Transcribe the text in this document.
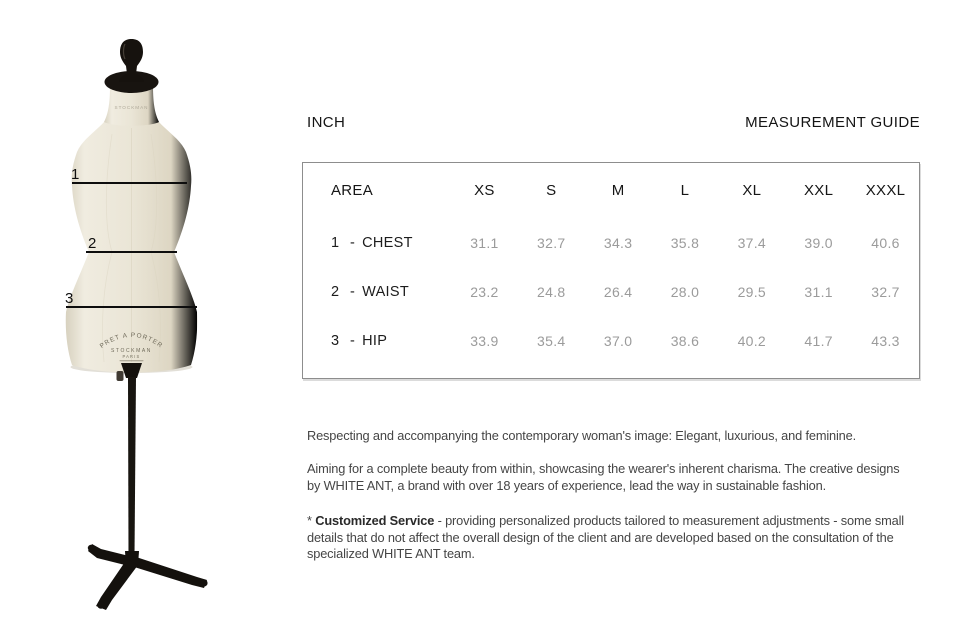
STOCKMAN
1
2
3
PRET A PORTER
STOCKMAN
PARIS
INCH	MEASUREMENT GUIDE
AREA	XS	S	M	L	XL	XXL	XXXL
1 - CHEST	31.1	32.7	34.3	35.8	37.4	39.0	40.6
2 - WAIST	23.2	24.8	26.4	28.0	29.5	31.1	32.7
3 - HIP	33.9	35.4	37.0	38.6	40.2	41.7	43.3

Respecting and accompanying the contemporary woman's image: Elegant, luxurious, and feminine.

Aiming for a complete beauty from within, showcasing the wearer's inherent charisma. The creative designs by WHITE ANT, a brand with over 18 years of experience, lead the way in sustainable fashion.

* Customized Service - providing personalized products tailored to measurement adjustments - some small details that do not affect the overall design of the client and are developed based on the consultation of the specialized WHITE ANT team.
